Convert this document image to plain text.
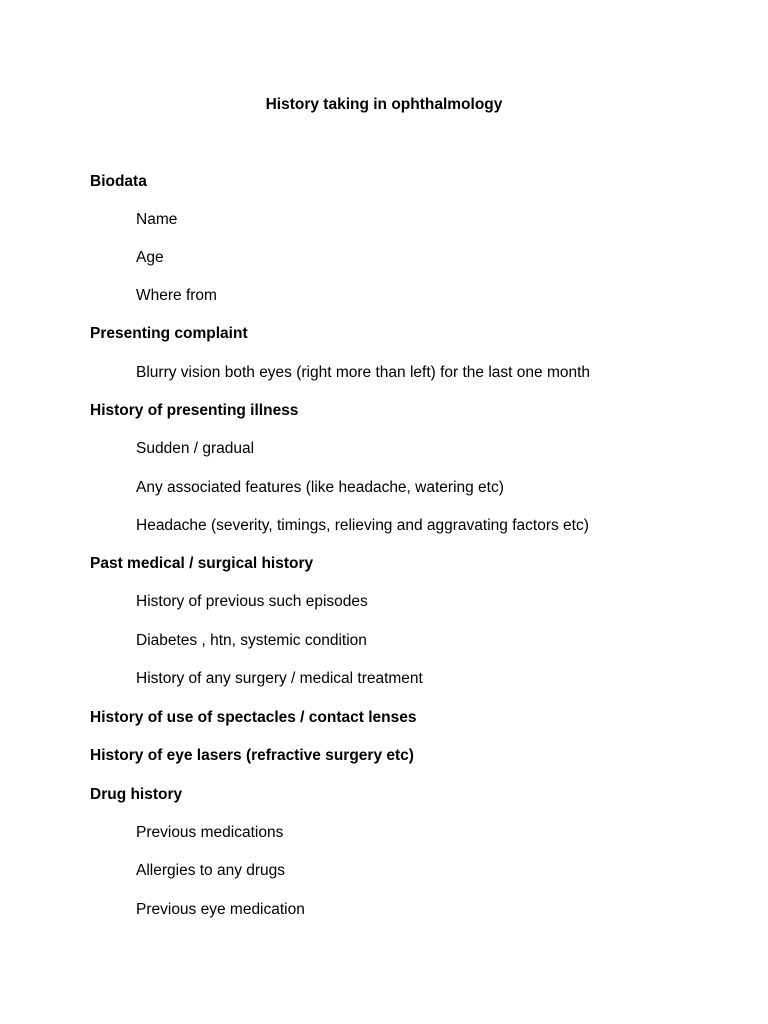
History taking in ophthalmology
Biodata
Name
Age
Where from
Presenting complaint
Blurry vision both eyes (right more than left) for the last one month
History of presenting illness
Sudden / gradual
Any associated features (like headache, watering etc)
Headache (severity, timings, relieving and aggravating factors etc)
Past medical / surgical history
History of previous such episodes
Diabetes , htn, systemic condition
History of any surgery / medical treatment
History of use of spectacles / contact lenses
History of eye lasers (refractive surgery etc)
Drug history
Previous medications
Allergies to any drugs
Previous eye medication
